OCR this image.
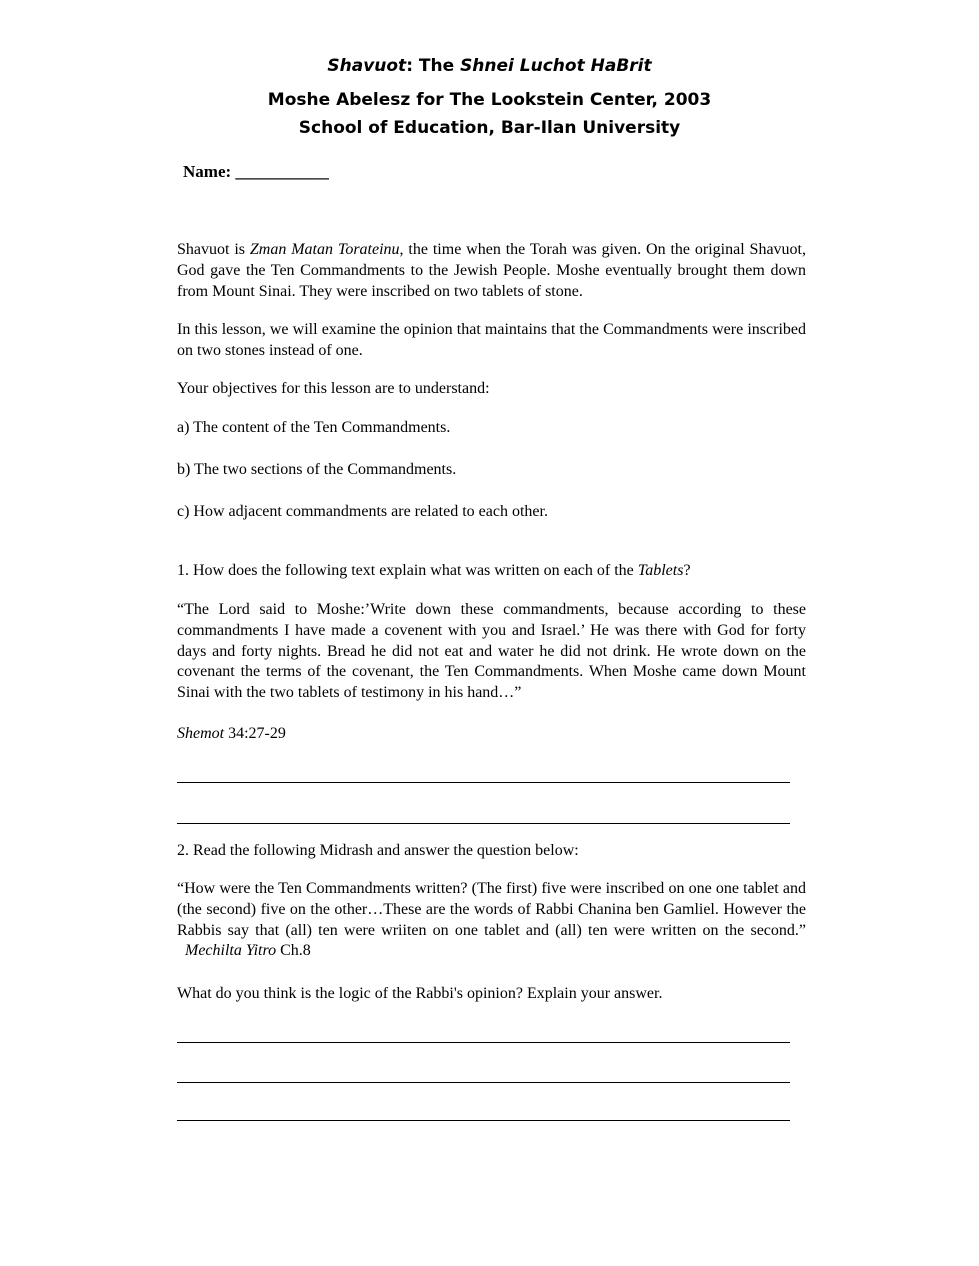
Shavuot: The Shnei Luchot HaBrit
Moshe Abelesz for The Lookstein Center, 2003
School of Education, Bar-Ilan University
Name: ___________
Shavuot is Zman Matan Torateinu, the time when the Torah was given. On the original Shavuot, God gave the Ten Commandments to the Jewish People. Moshe eventually brought them down from Mount Sinai. They were inscribed on two tablets of stone.
In this lesson, we will examine the opinion that maintains that the Commandments were inscribed on two stones instead of one.
Your objectives for this lesson are to understand:
a) The content of the Ten Commandments.
b) The two sections of the Commandments.
c) How adjacent commandments are related to each other.
1. How does the following text explain what was written on each of the Tablets?
“The Lord said to Moshe:’Write down these commandments, because according to these commandments I have made a covenent with you and Israel.’ He was there with God for forty days and forty nights. Bread he did not eat and water he did not drink. He wrote down on the covenant the terms of the covenant, the Ten Commandments. When Moshe came down Mount Sinai with the two tablets of testimony in his hand…”
Shemot 34:27-29
2. Read the following Midrash and answer the question below:
“How were the Ten Commandments written? (The first) five were inscribed on one one tablet and (the second) five on the other…These are the words of Rabbi Chanina ben Gamliel. However the Rabbis say that (all) ten were wriiten on one tablet and (all) ten were written on the second.”  Mechilta Yitro Ch.8
What do you think is the logic of the Rabbi's opinion? Explain your answer.
